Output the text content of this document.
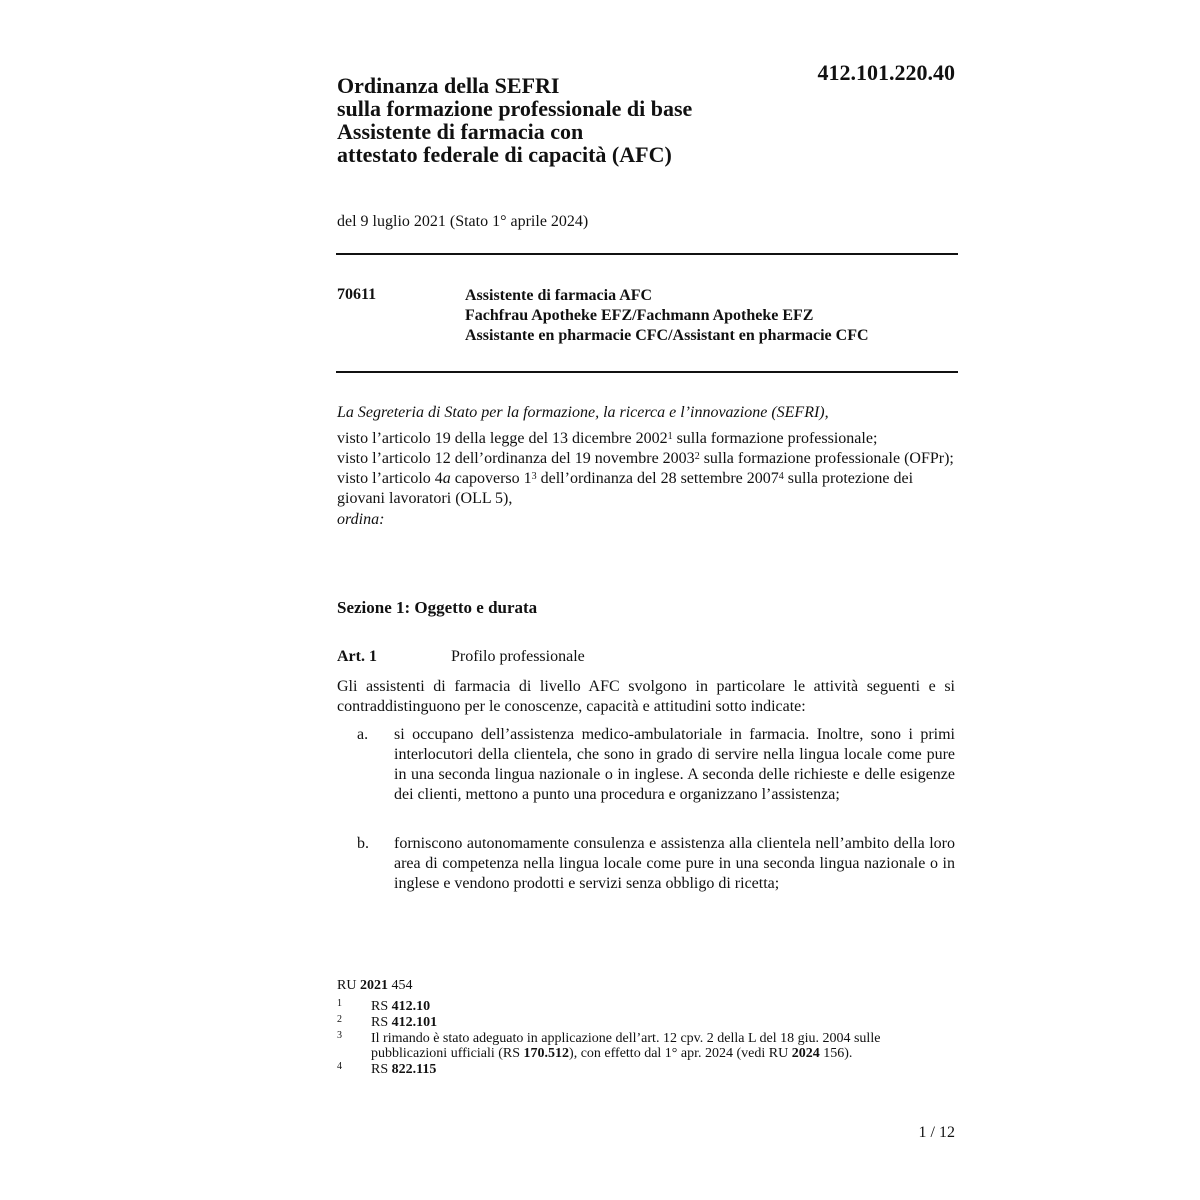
412.101.220.40
Ordinanza della SEFRI
sulla formazione professionale di base
Assistente di farmacia con
attestato federale di capacità (AFC)
del 9 luglio 2021 (Stato 1° aprile 2024)
70611	Assistente di farmacia AFC
Fachfrau Apotheke EFZ/Fachmann Apotheke EFZ
Assistante en pharmacie CFC/Assistant en pharmacie CFC
La Segreteria di Stato per la formazione, la ricerca e l’innovazione (SEFRI),
visto l’articolo 19 della legge del 13 dicembre 2002$^1$ sulla formazione professionale;
visto l’articolo 12 dell’ordinanza del 19 novembre 2003$^2$ sulla formazione professionale (OFPr);
visto l’articolo 4a capoverso $1^3$ dell’ordinanza del 28 settembre 2007$^4$ sulla protezione dei giovani lavoratori (OLL 5),
ordina:
Sezione 1: Oggetto e durata
Art. 1	Profilo professionale
Gli assistenti di farmacia di livello AFC svolgono in particolare le attività seguenti e si contraddistinguono per le conoscenze, capacità e attitudini sotto indicate:
a.	si occupano dell’assistenza medico-ambulatoriale in farmacia. Inoltre, sono i primi interlocutori della clientela, che sono in grado di servire nella lingua locale come pure in una seconda lingua nazionale o in inglese. A seconda delle richieste e delle esigenze dei clienti, mettono a punto una procedura e organizzano l’assistenza;
b.	forniscono autonomamente consulenza e assistenza alla clientela nell’ambito della loro area di competenza nella lingua locale come pure in una seconda lingua nazionale o in inglese e vendono prodotti e servizi senza obbligo di ricetta;
RU 2021 454
1 RS 412.10
2 RS 412.101
3 Il rimando è stato adeguato in applicazione dell’art. 12 cpv. 2 della L del 18 giu. 2004 sulle pubblicazioni ufficiali (RS 170.512), con effetto dal 1° apr. 2024 (vedi RU 2024 156).
4 RS 822.115
1 / 12
